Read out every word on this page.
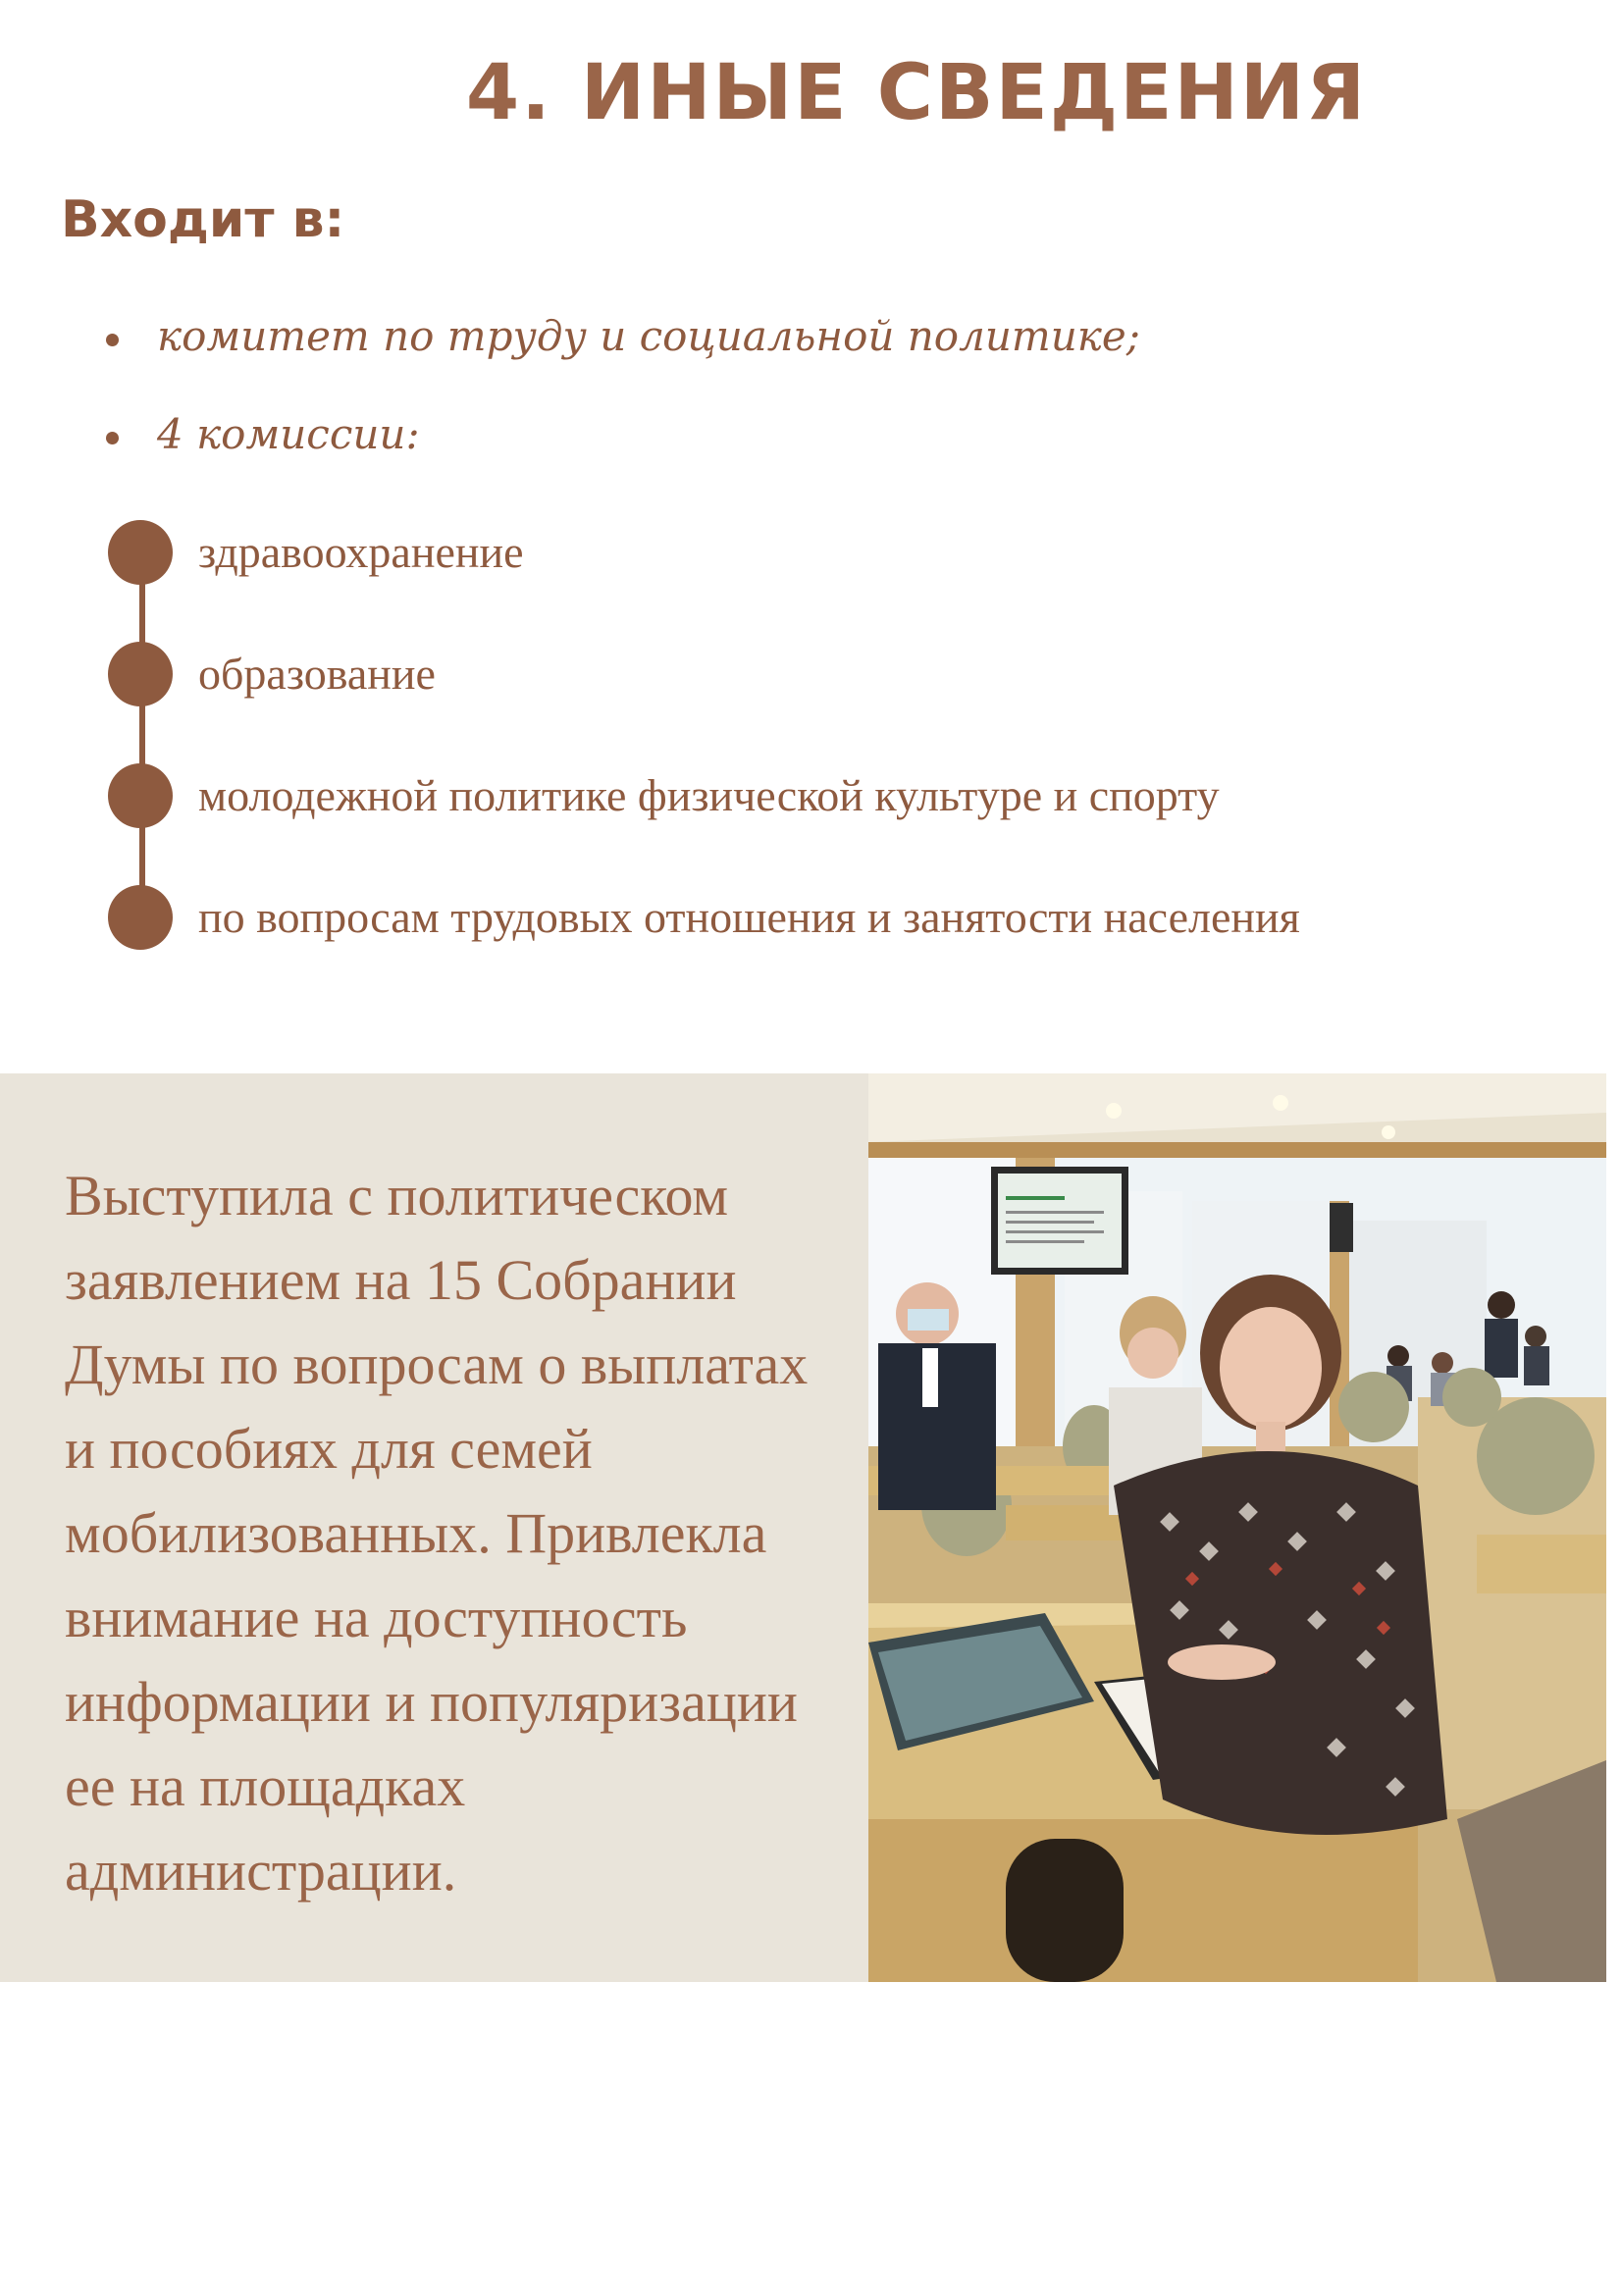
4. ИНЫЕ СВЕДЕНИЯ
Входит в:
комитет по труду и социальной политике;
4 комиссии:
здравоохранение
образование
молодежной политике физической культуре и спорту
по вопросам трудовых отношения и занятости населения
Выступила с политическом заявлением на 15 Собрании Думы по вопросам о выплатах и пособиях для семей мобилизованных. Привлекла внимание на доступность информации и популяризации ее на площадках администрации.
